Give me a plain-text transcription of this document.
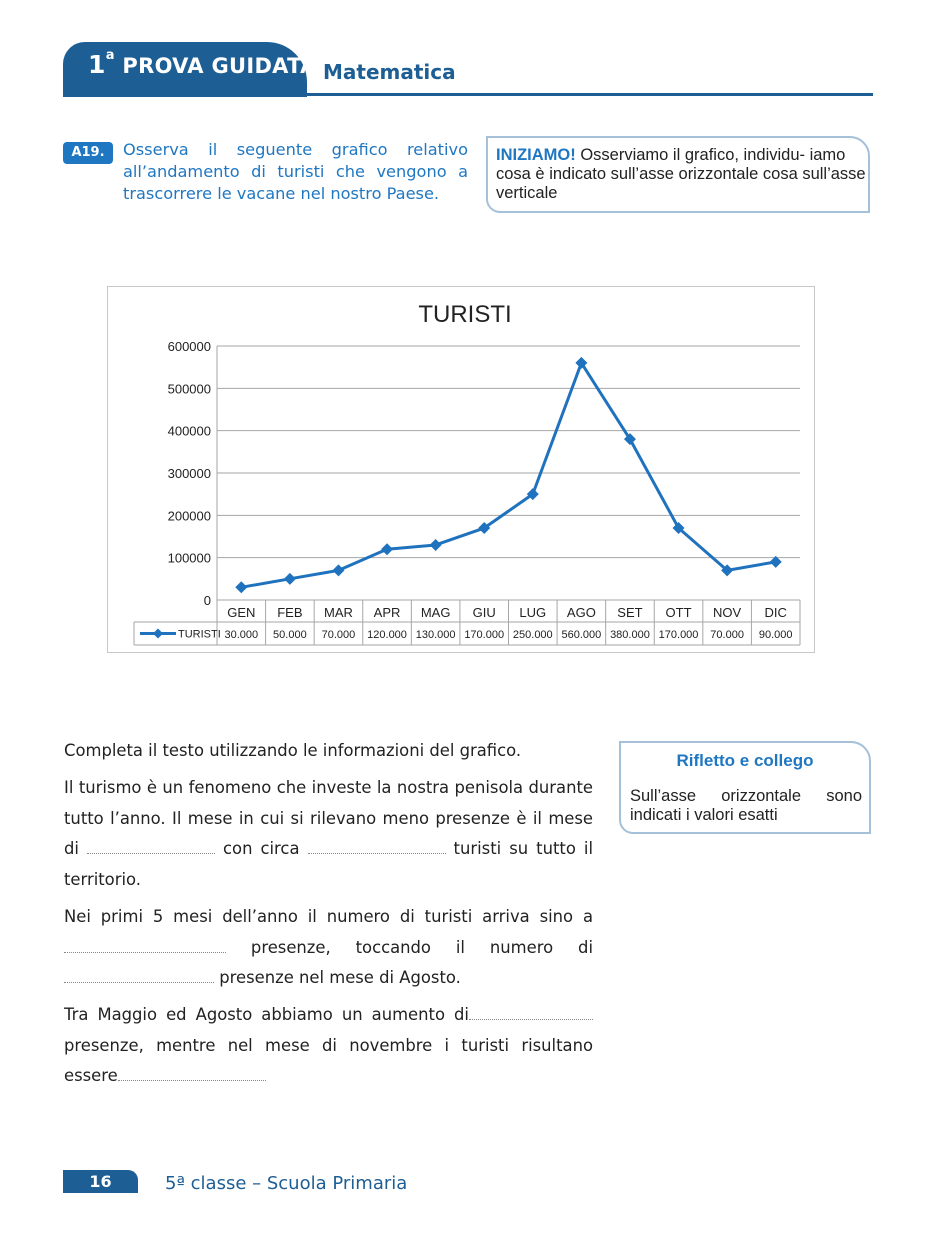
1$^a$ PROVA GUIDATA Matematica
A19.	Osserva il seguente grafico relativo all’andamento di turisti che vengono a trascorrere le vacane nel nostro Paese.
INIZIAMO! Osserviamo il grafico, individu- iamo cosa è indicato sull’asse orizzontale cosa sull’asse verticale
TURISTI
0
100000
200000
300000
400000
500000
600000
GEN
30.000
FEB
50.000
MAR
70.000
APR
120.000
MAG
130.000
GIU
170.000
LUG
250.000
AGO
560.000
SET
380.000
OTT
170.000
NOV
70.000
DIC
90.000
TURISTI
Completa il testo utilizzando le informazioni del grafico.
Il turismo è un fenomeno che investe la nostra penisola durante tutto l’anno. Il mese in cui si rilevano meno presenze è il mese di	con circa	turisti su tutto il territorio.
Nei primi 5 mesi dell’anno il numero di turisti arriva sino a  presenze, toccando il numero di  presenze nel mese di Agosto.
Tra Maggio ed Agosto abbiamo un aumento di presenze, mentre nel mese di novembre i turisti risultano essere
Rifletto e collego
Sull’asse orizzontale sono indicati i valori esatti
16	5ª classe – Scuola Primaria
